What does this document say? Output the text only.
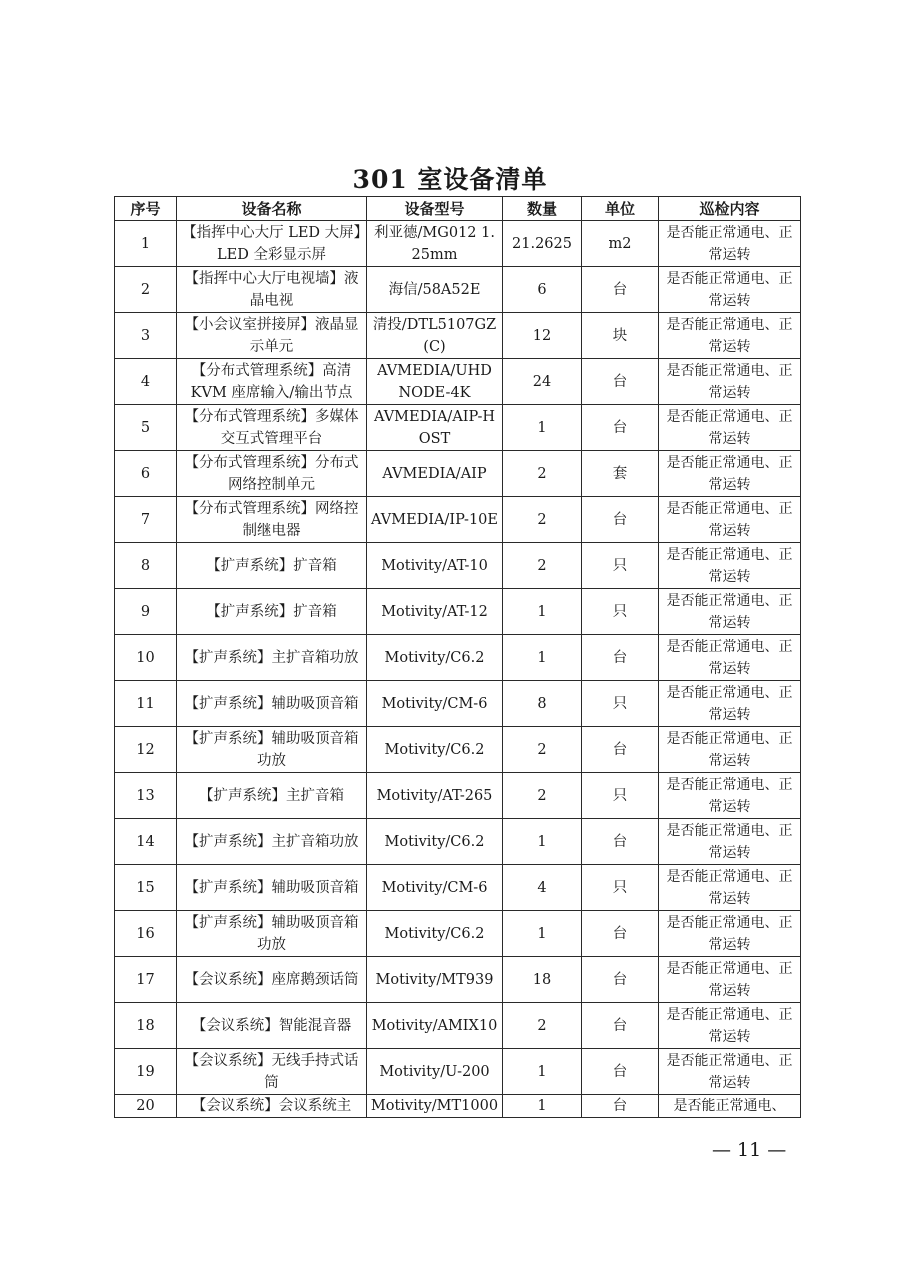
301 室设备清单
序号	设备名称	设备型号	数量	单位	巡检内容
1	【指挥中心大厅 LED 大屏】LED 全彩显示屏	利亚德/MG012 1.25mm	21.2625	m2	是否能正常通电、正常运转
2	【指挥中心大厅电视墙】液晶电视	海信/58A52E	6	台	是否能正常通电、正常运转
3	【小会议室拼接屏】液晶显示单元	清投/DTL5107GZ(C)	12	块	是否能正常通电、正常运转
4	【分布式管理系统】高清 KVM 座席输入/输出节点	AVMEDIA/UHD NODE-4K	24	台	是否能正常通电、正常运转
5	【分布式管理系统】多媒体交互式管理平台	AVMEDIA/AIP-HOST	1	台	是否能正常通电、正常运转
6	【分布式管理系统】分布式网络控制单元	AVMEDIA/AIP	2	套	是否能正常通电、正常运转
7	【分布式管理系统】网络控制继电器	AVMEDIA/IP-10E	2	台	是否能正常通电、正常运转
8	【扩声系统】扩音箱	Motivity/AT-10	2	只	是否能正常通电、正常运转
9	【扩声系统】扩音箱	Motivity/AT-12	1	只	是否能正常通电、正常运转
10	【扩声系统】主扩音箱功放	Motivity/C6.2	1	台	是否能正常通电、正常运转
11	【扩声系统】辅助吸顶音箱	Motivity/CM-6	8	只	是否能正常通电、正常运转
12	【扩声系统】辅助吸顶音箱功放	Motivity/C6.2	2	台	是否能正常通电、正常运转
13	【扩声系统】主扩音箱	Motivity/AT-265	2	只	是否能正常通电、正常运转
14	【扩声系统】主扩音箱功放	Motivity/C6.2	1	台	是否能正常通电、正常运转
15	【扩声系统】辅助吸顶音箱	Motivity/CM-6	4	只	是否能正常通电、正常运转
16	【扩声系统】辅助吸顶音箱功放	Motivity/C6.2	1	台	是否能正常通电、正常运转
17	【会议系统】座席鹅颈话筒	Motivity/MT939	18	台	是否能正常通电、正常运转
18	【会议系统】智能混音器	Motivity/AMIX10	2	台	是否能正常通电、正常运转
19	【会议系统】无线手持式话筒	Motivity/U-200	1	台	是否能正常通电、正常运转
20	【会议系统】会议系统主	Motivity/MT1000	1	台	是否能正常通电、
— 11 —
